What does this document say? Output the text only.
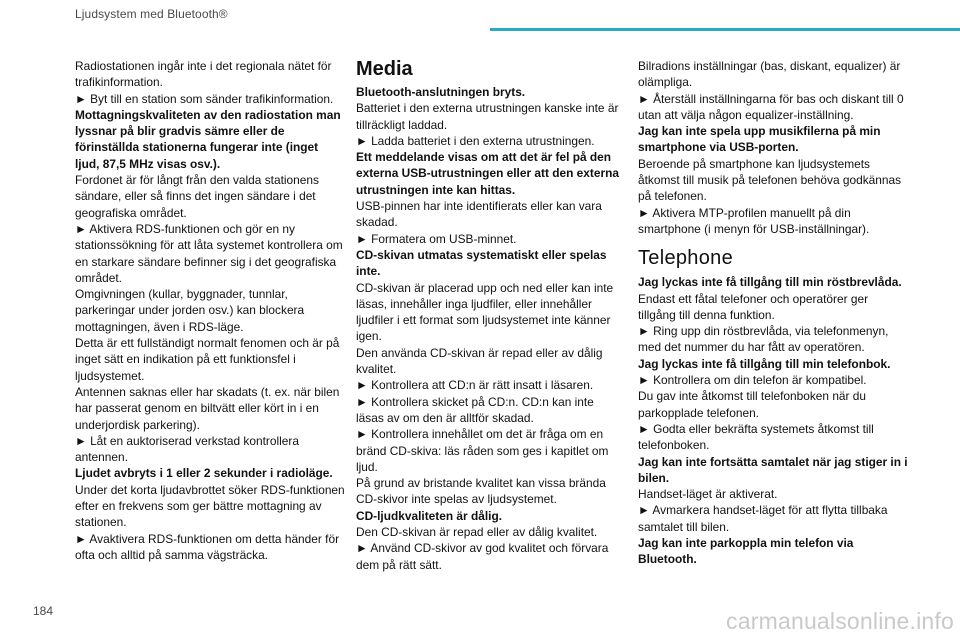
Ljudsystem med Bluetooth®

Radiostationen ingår inte i det regionala nätet för trafikinformation.

► Byt till en station som sänder trafikinformation.

Mottagningskvaliteten av den radiostation man lyssnar på blir gradvis sämre eller de förinställda stationerna fungerar inte (inget ljud, 87,5 MHz visas osv.).

Fordonet är för långt från den valda stationens sändare, eller så finns det ingen sändare i det geografiska området.

► Aktivera RDS-funktionen och gör en ny stationssökning för att låta systemet kontrollera om en starkare sändare befinner sig i det geografiska området.

Omgivningen (kullar, byggnader, tunnlar, parkeringar under jorden osv.) kan blockera mottagningen, även i RDS-läge.

Detta är ett fullständigt normalt fenomen och är på inget sätt en indikation på ett funktionsfel i ljudsystemet.

Antennen saknas eller har skadats (t. ex. när bilen har passerat genom en biltvätt eller kört in i en underjordisk parkering).

► Låt en auktoriserad verkstad kontrollera antennen.

Ljudet avbryts i 1 eller 2 sekunder i radioläge.

Under det korta ljudavbrottet söker RDS-funktionen efter en frekvens som ger bättre mottagning av stationen.

► Avaktivera RDS-funktionen om detta händer för ofta och alltid på samma vägsträcka.

Media

Bluetooth-anslutningen bryts.

Batteriet i den externa utrustningen kanske inte är tillräckligt laddad.

► Ladda batteriet i den externa utrustningen.

Ett meddelande visas om att det är fel på den externa USB-utrustningen eller att den externa utrustningen inte kan hittas.

USB-pinnen har inte identifierats eller kan vara skadad.

► Formatera om USB-minnet.

CD-skivan utmatas systematiskt eller spelas inte.

CD-skivan är placerad upp och ned eller kan inte läsas, innehåller inga ljudfiler, eller innehåller ljudfiler i ett format som ljudsystemet inte känner igen.

Den använda CD-skivan är repad eller av dålig kvalitet.

► Kontrollera att CD:n är rätt insatt i läsaren.

► Kontrollera skicket på CD:n. CD:n kan inte läsas av om den är alltför skadad.

► Kontrollera innehållet om det är fråga om en bränd CD-skiva: läs råden som ges i kapitlet om ljud.

På grund av bristande kvalitet kan vissa brända CD-skivor inte spelas av ljudsystemet.

CD-ljudkvaliteten är dålig.

Den CD-skivan är repad eller av dålig kvalitet.

► Använd CD-skivor av god kvalitet och förvara dem på rätt sätt.

Bilradions inställningar (bas, diskant, equalizer) är olämpliga.

► Återställ inställningarna för bas och diskant till 0 utan att välja någon equalizer-inställning.

Jag kan inte spela upp musikfilerna på min smartphone via USB-porten.

Beroende på smartphone kan ljudsystemets åtkomst till musik på telefonen behöva godkännas på telefonen.

► Aktivera MTP-profilen manuellt på din smartphone (i menyn för USB-inställningar).

Telephone

Jag lyckas inte få tillgång till min röstbrevlåda.

Endast ett fåtal telefoner och operatörer ger tillgång till denna funktion.

► Ring upp din röstbrevlåda, via telefonmenyn, med det nummer du har fått av operatören.

Jag lyckas inte få tillgång till min telefonbok.

► Kontrollera om din telefon är kompatibel.

Du gav inte åtkomst till telefonboken när du parkopplade telefonen.

► Godta eller bekräfta systemets åtkomst till telefonboken.

Jag kan inte fortsätta samtalet när jag stiger in i bilen.

Handset-läget är aktiverat.

► Avmarkera handset-läget för att flytta tillbaka samtalet till bilen.

Jag kan inte parkoppla min telefon via Bluetooth.

184	carmanualsonline.info
